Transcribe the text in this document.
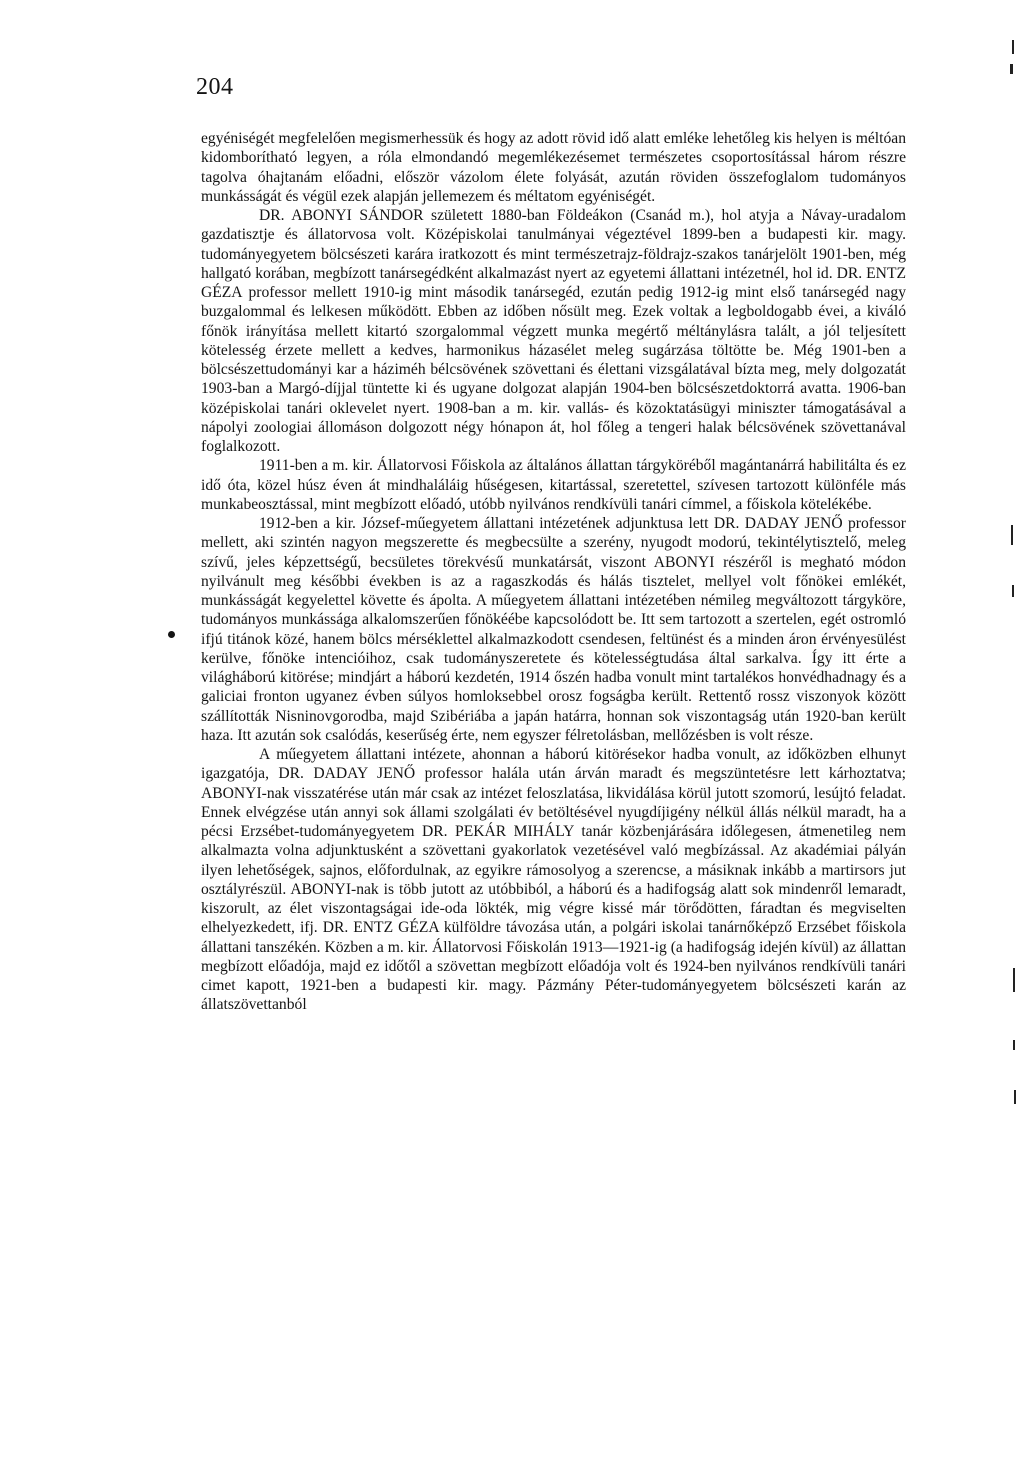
204

egyéniségét megfelelően megismerhessük és hogy az adott rövid idő alatt emléke lehetőleg kis helyen is méltóan kidomborítható legyen, a róla elmondandó megemlékezésemet természetes csoportosítással három részre tagolva óhajtanám előadni, először vázolom élete folyását, azután röviden összefoglalom tudományos munkásságát és végül ezek alapján jellemezem és méltatom egyéniségét.

DR. ABONYI SÁNDOR született 1880-ban Földeákon (Csanád m.), hol atyja a Návay-uradalom gazdatisztje és állatorvosa volt. Középiskolai tanulmányai végeztével 1899-ben a budapesti kir. magy. tudományegyetem bölcsészeti karára iratkozott és mint természetrajz-földrajz-szakos tanárjelölt 1901-ben, még hallgató korában, megbízott tanársegédként alkalmazást nyert az egyetemi állattani intézetnél, hol id. DR. ENTZ GÉZA professor mellett 1910-ig mint második tanársegéd, ezután pedig 1912-ig mint első tanársegéd nagy buzgalommal és lelkesen működött. Ebben az időben nősült meg. Ezek voltak a legboldogabb évei, a kiváló főnök irányítása mellett kitartó szorgalommal végzett munka megértő méltánylásra talált, a jól teljesített kötelesség érzete mellett a kedves, harmonikus házasélet meleg sugárzása töltötte be. Még 1901-ben a bölcsészettudományi kar a háziméh bélcsövének szövettani és élettani vizsgálatával bízta meg, mely dolgozatát 1903-ban a Margó-díjjal tüntette ki és ugyane dolgozat alapján 1904-ben bölcsészetdoktorrá avatta. 1906-ban középiskolai tanári oklevelet nyert. 1908-ban a m. kir. vallás- és közoktatásügyi miniszter támogatásával a nápolyi zoologiai állomáson dolgozott négy hónapon át, hol főleg a tengeri halak bélcsövének szövettanával foglalkozott.

1911-ben a m. kir. Állatorvosi Főiskola az általános állattan tárgyköréből magántanárrá habilitálta és ez idő óta, közel húsz éven át mindhaláláig hűségesen, kitartással, szeretettel, szívesen tartozott különféle más munkabeosztással, mint megbízott előadó, utóbb nyilvános rendkívüli tanári címmel, a főiskola kötelékébe.

1912-ben a kir. József-műegyetem állattani intézetének adjunktusa lett DR. DADAY JENŐ professor mellett, aki szintén nagyon megszerette és megbecsülte a szerény, nyugodt modorú, tekintélytisztelő, meleg szívű, jeles képzettségű, becsületes törekvésű munkatársát, viszont ABONYI részéről is megható módon nyilvánult meg későbbi években is az a ragaszkodás és hálás tisztelet, mellyel volt főnökei emlékét, munkásságát kegyelettel követte és ápolta. A műegyetem állattani intézetében némileg megváltozott tárgyköre, tudományos munkássága alkalomszerűen főnökéébe kapcsolódott be. Itt sem tartozott a szertelen, egét ostromló ifjú titánok közé, hanem bölcs mérséklettel alkalmazkodott csendesen, feltünést és a minden áron érvényesülést kerülve, főnöke intencióihoz, csak tudományszeretete és kötelességtudása által sarkalva. Így itt érte a világháború kitörése; mindjárt a háború kezdetén, 1914 őszén hadba vonult mint tartalékos honvédhadnagy és a galiciai fronton ugyanez évben súlyos homloksebbel orosz fogságba került. Rettentő rossz viszonyok között szállították Nisninovgorodba, majd Szibériába a japán határra, honnan sok viszontagság után 1920-ban került haza. Itt azután sok csalódás, keserűség érte, nem egyszer félretolásban, mellőzésben is volt része.

A műegyetem állattani intézete, ahonnan a háború kitörésekor hadba vonult, az időközben elhunyt igazgatója, DR. DADAY JENŐ professor halála után árván maradt és megszüntetésre lett kárhoztatva; ABONYI-nak visszatérése után már csak az intézet feloszlatása, likvidálása körül jutott szomorú, lesújtó feladat. Ennek elvégzése után annyi sok állami szolgálati év betöltésével nyugdíjigény nélkül állás nélkül maradt, ha a pécsi Erzsébet-tudományegyetem DR. PEKÁR MIHÁLY tanár közbenjárására időlegesen, átmenetileg nem alkalmazta volna adjunktusként a szövettani gyakorlatok vezetésével való megbízással. Az akadémiai pályán ilyen lehetőségek, sajnos, előfordulnak, az egyikre rámosolyog a szerencse, a másiknak inkább a martirsors jut osztályrészül. ABONYI-nak is több jutott az utóbbiból, a háború és a hadifogság alatt sok mindenről lemaradt, kiszorult, az élet viszontagságai ide-oda lökték, mig végre kissé már törődötten, fáradtan és megviselten elhelyezkedett, ifj. DR. ENTZ GÉZA külföldre távozása után, a polgári iskolai tanárnőképző Erzsébet főiskola állattani tanszékén. Közben a m. kir. Állatorvosi Főiskolán 1913—1921-ig (a hadifogság idején kívül) az állattan megbízott előadója, majd ez időtől a szövettan megbízott előadója volt és 1924-ben nyilvános rendkívüli tanári cimet kapott, 1921-ben a budapesti kir. magy. Pázmány Péter-tudományegyetem bölcsészeti karán az állatszövettanból
